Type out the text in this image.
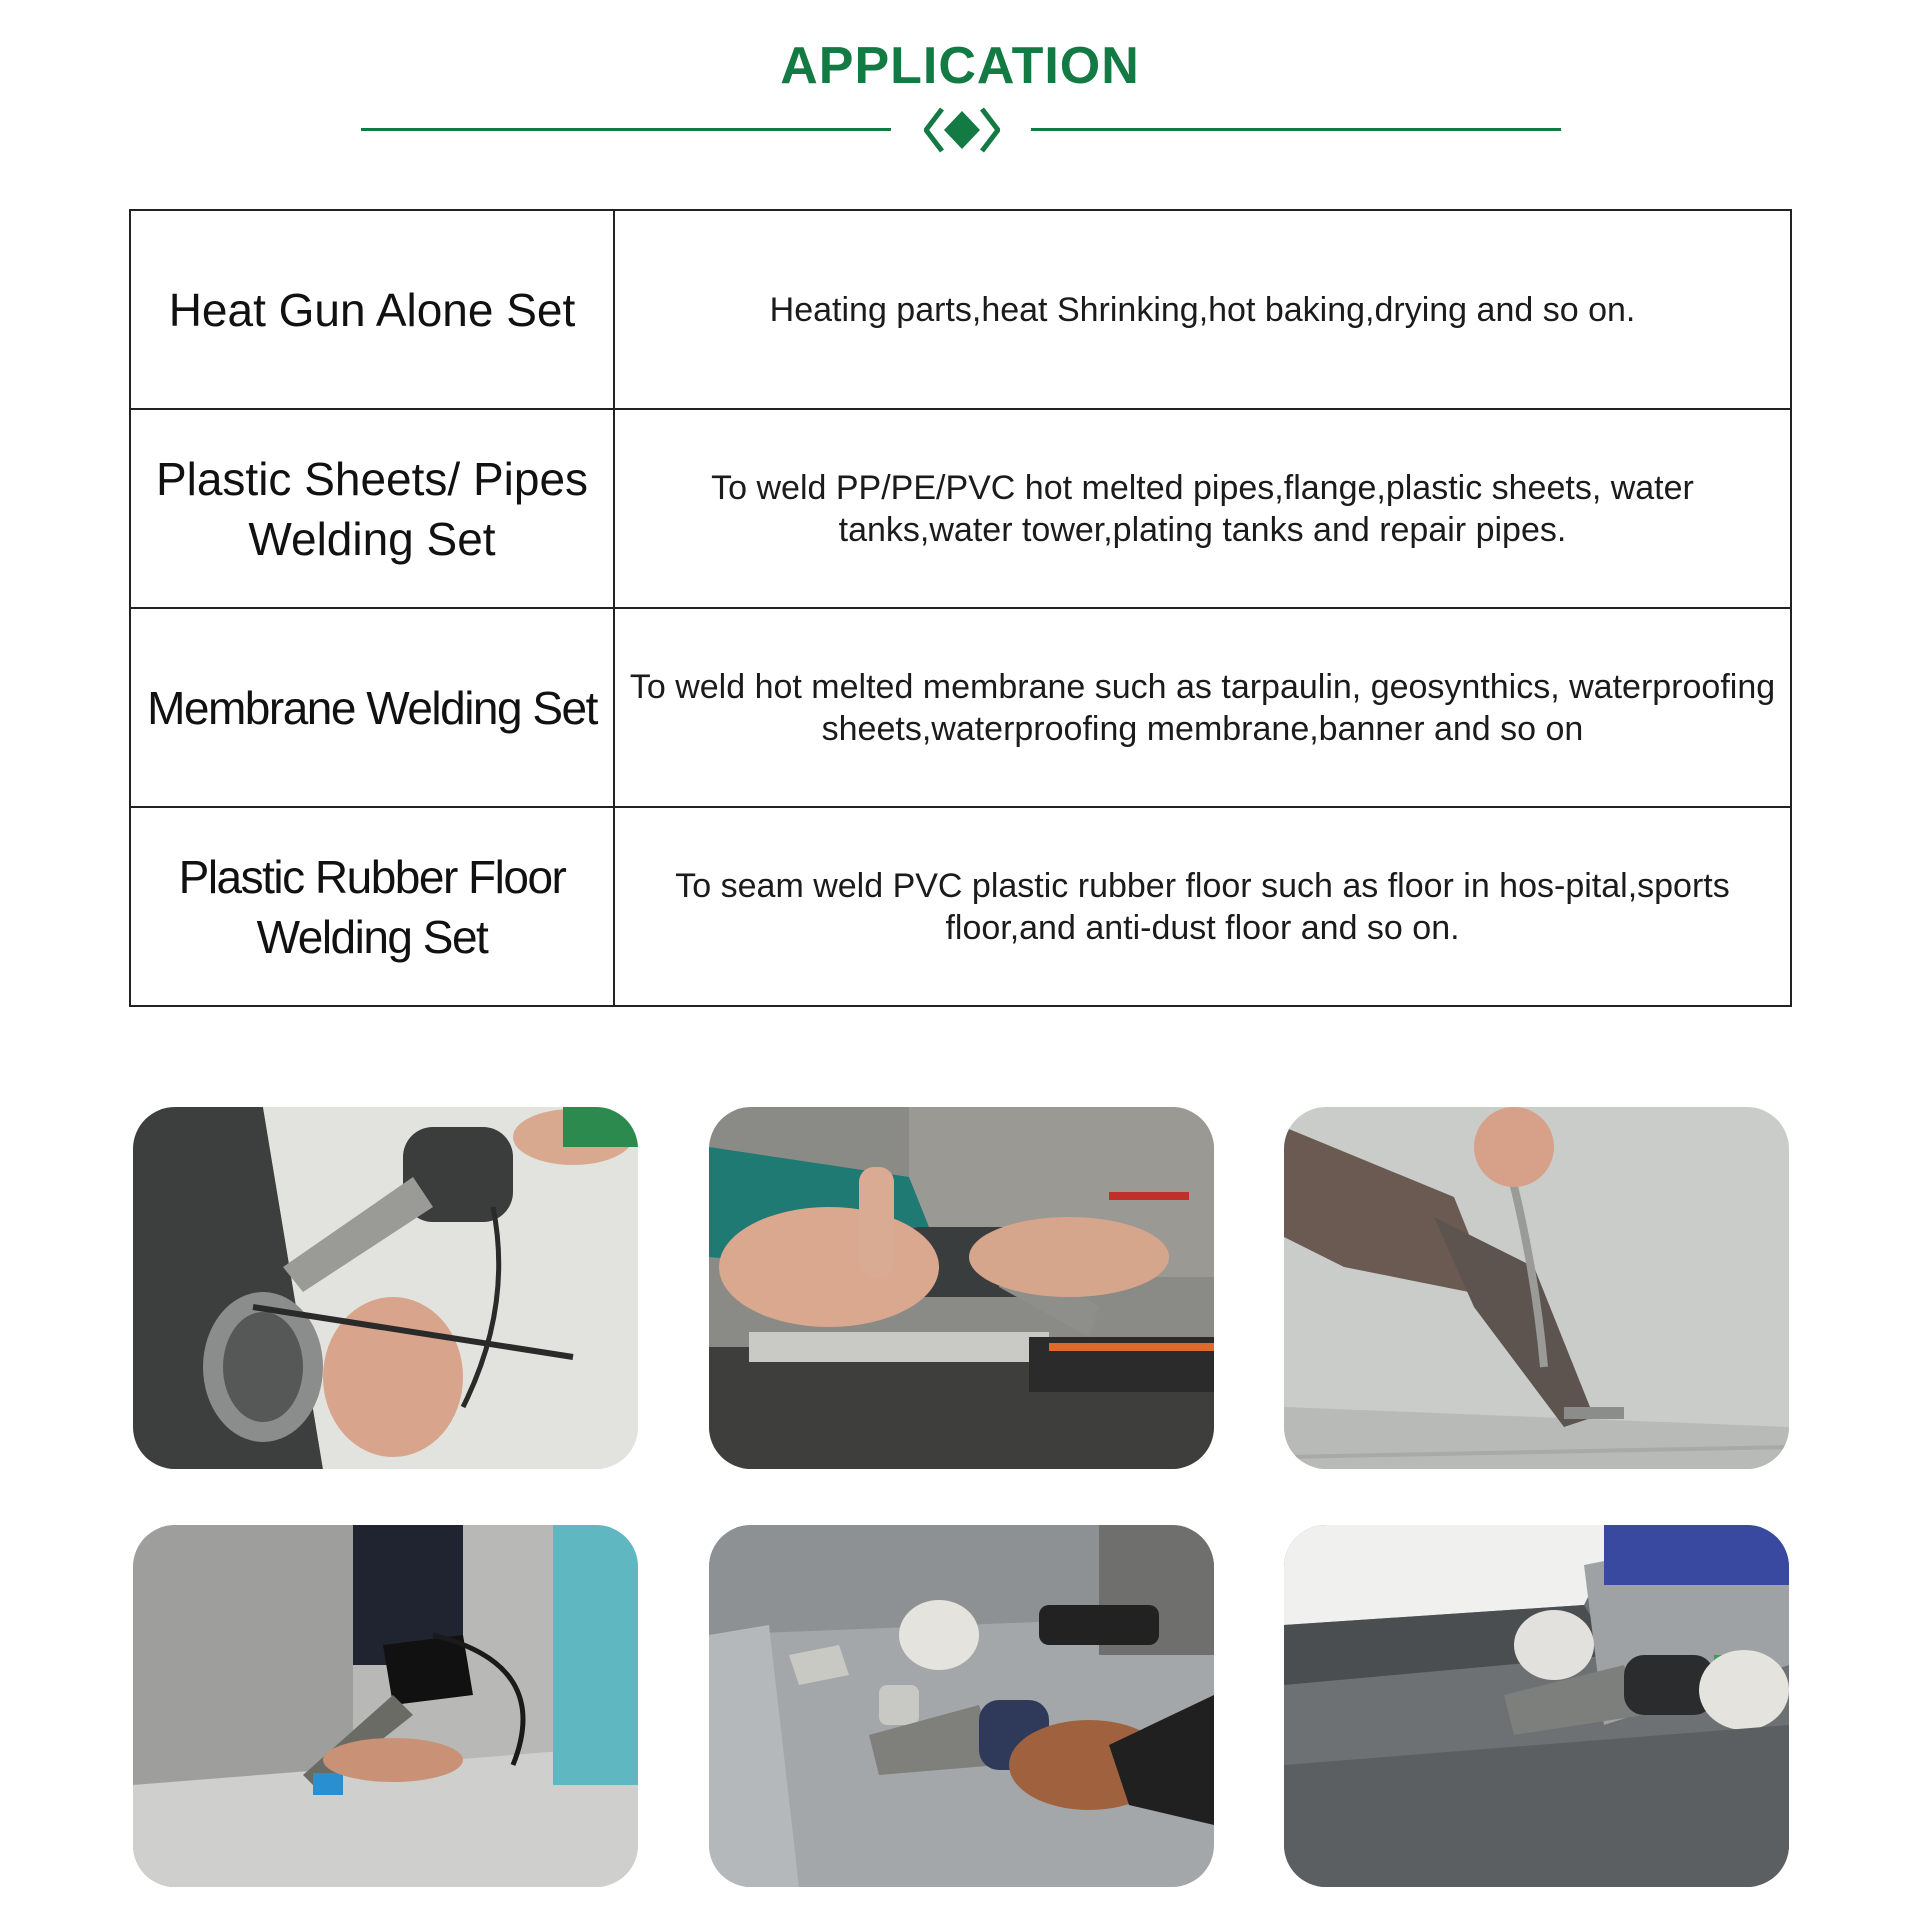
APPLICATION
Heat Gun Alone Set	Heating parts,heat Shrinking,hot baking,drying and so on.
Plastic Sheets/ Pipes Welding Set	To weld PP/PE/PVC hot melted pipes,flange,plastic sheets, water tanks,water tower,plating tanks and repair pipes.
Membrane Welding Set	To weld hot melted membrane such as tarpaulin, geosynthics, waterproofing sheets,waterproofing membrane,banner and so on
Plastic Rubber Floor Welding Set	To seam weld PVC plastic rubber floor such as floor in hos-pital,sports floor,and anti-dust floor and so on.
